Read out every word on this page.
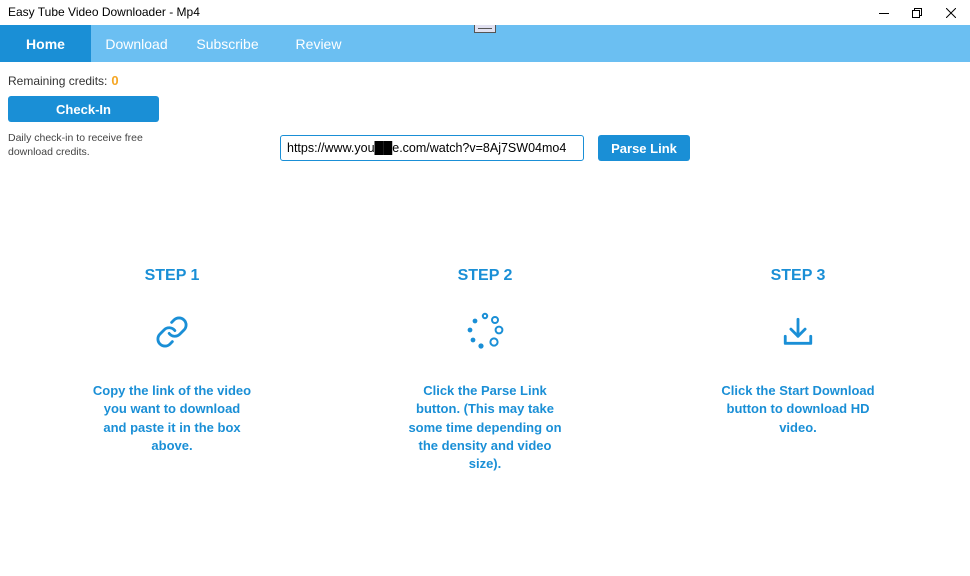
Easy Tube Video Downloader - Mp4
Home	Download	Subscribe	Review
Remaining credits: 0
Check-In
Daily check-in to receive free download credits.
https://www.you██e.com/watch?v=8Aj7SW04mo4	Parse Link
STEP 1
Copy the link of the video you want to download and paste it in the box above.
STEP 2
Click the Parse Link button. (This may take some time depending on the density and video size).
STEP 3
Click the Start Download button to download HD video.
